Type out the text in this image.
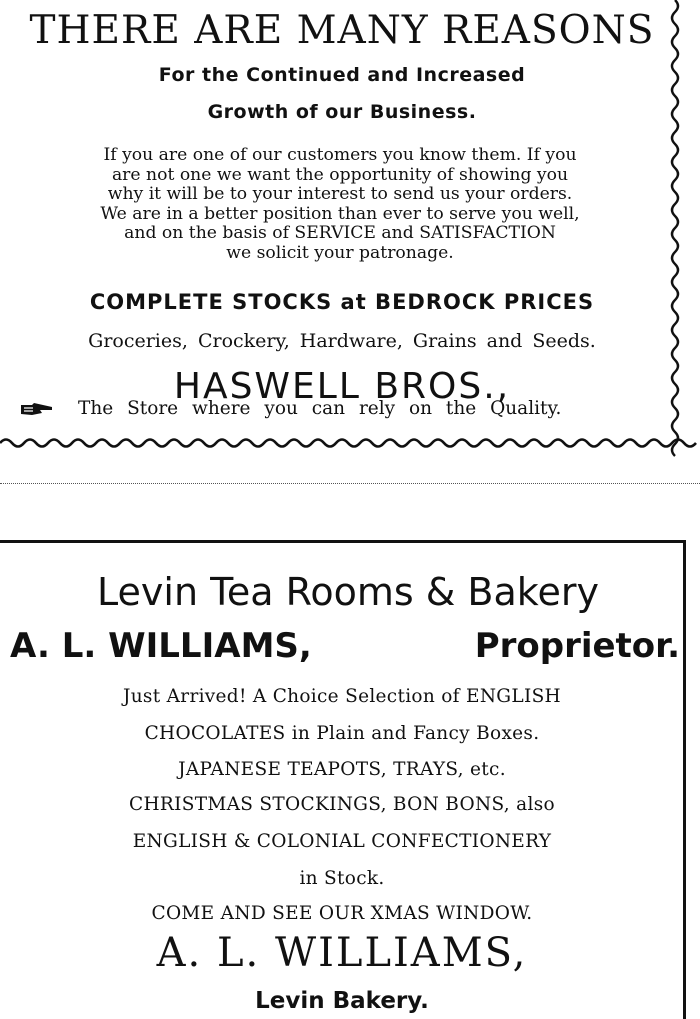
THERE ARE MANY REASONS
For the Continued and Increased
Growth of our Business.
If you are one of our customers you know them. If you
are not one we want the opportunity of showing you
why it will be to your interest to send us your orders.
We are in a better position than ever to serve you well,
and on the basis of SERVICE and SATISFACTION
we solicit your patronage.
COMPLETE STOCKS at BEDROCK PRICES
Groceries, Crockery, Hardware, Grains and Seeds.
HASWELL BROS.,
The Store where you can rely on the Quality.
Levin Tea Rooms & Bakery
A. L. WILLIAMS,	Proprietor.
Just Arrived! A Choice Selection of ENGLISH
CHOCOLATES in Plain and Fancy Boxes.
JAPANESE TEAPOTS, TRAYS, etc.
CHRISTMAS STOCKINGS, BON BONS, also
ENGLISH & COLONIAL CONFECTIONERY
in Stock.
COME AND SEE OUR XMAS WINDOW.
A. L. WILLIAMS,
Levin Bakery.
